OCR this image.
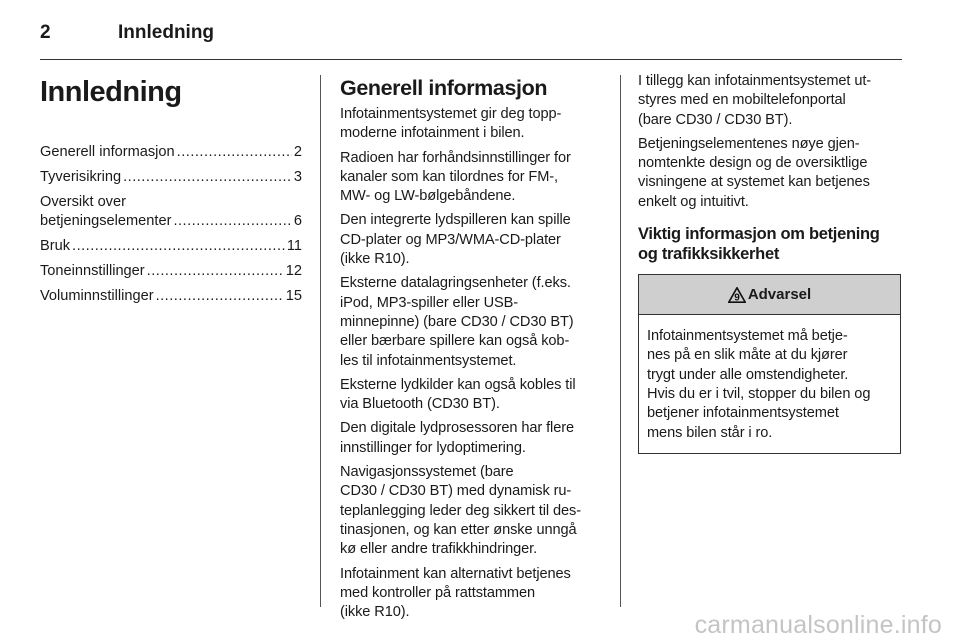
2	Innledning
Innledning
Generell informasjon .....	2
Tyverisikring .....	3
Oversikt over
betjeningselementer .....	6
Bruk .....	11
Toneinnstillinger .....	12
Voluminnstillinger .....	15
Generell informasjon
Infotainmentsystemet gir deg topp-
moderne infotainment i bilen.
Radioen har forhåndsinnstillinger for
kanaler som kan tilordnes for FM-,
MW- og LW-bølgebåndene.
Den integrerte lydspilleren kan spille
CD-plater og MP3/WMA-CD-plater
(ikke R10).
Eksterne datalagringsenheter (f.eks.
iPod, MP3-spiller eller USB-
minnepinne) (bare CD30 / CD30 BT)
eller bærbare spillere kan også kob-
les til infotainmentsystemet.
Eksterne lydkilder kan også kobles til
via Bluetooth (CD30 BT).
Den digitale lydprosessoren har flere
innstillinger for lydoptimering.
Navigasjonssystemet (bare
CD30 / CD30 BT) med dynamisk ru-
teplanlegging leder deg sikkert til des-
tinasjonen, og kan etter ønske unngå
kø eller andre trafikkhindringer.
Infotainment kan alternativt betjenes
med kontroller på rattstammen
(ikke R10).
I tillegg kan infotainmentsystemet ut-
styres med en mobiltelefonportal
(bare CD30 / CD30 BT).
Betjeningselementenes nøye gjen-
nomtenkte design og de oversiktlige
visningene at systemet kan betjenes
enkelt og intuitivt.
Viktig informasjon om betjening
og trafikksikkerhet
9 Advarsel
Infotainmentsystemet må betje-
nes på en slik måte at du kjører
trygt under alle omstendigheter.
Hvis du er i tvil, stopper du bilen og
betjener infotainmentsystemet
mens bilen står i ro.
carmanualsonline.info
